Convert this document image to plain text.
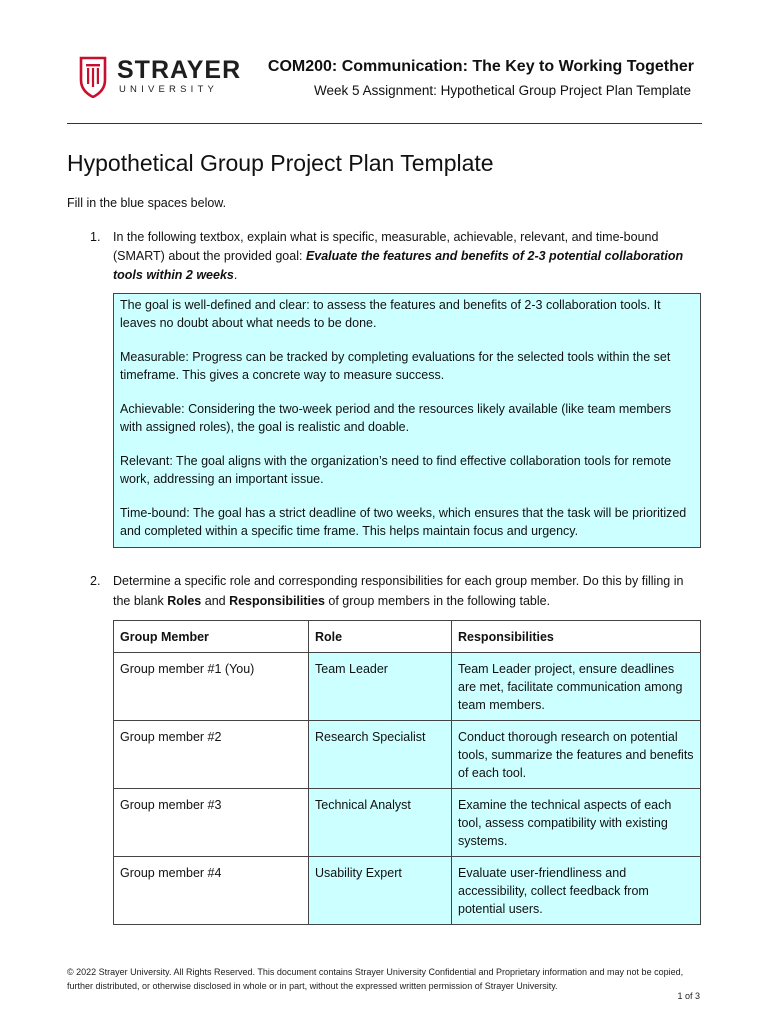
STRAYER
UNIVERSITY
COM200: Communication: The Key to Working Together
Week 5 Assignment: Hypothetical Group Project Plan Template
Hypothetical Group Project Plan Template
Fill in the blue spaces below.
1. In the following textbox, explain what is specific, measurable, achievable, relevant, and time-bound (SMART) about the provided goal: Evaluate the features and benefits of 2-3 potential collaboration tools within 2 weeks.

The goal is well-defined and clear: to assess the features and benefits of 2-3 collaboration tools. It leaves no doubt about what needs to be done.

Measurable: Progress can be tracked by completing evaluations for the selected tools within the set timeframe. This gives a concrete way to measure success.

Achievable: Considering the two-week period and the resources likely available (like team members with assigned roles), the goal is realistic and doable.

Relevant: The goal aligns with the organization’s need to find effective collaboration tools for remote work, addressing an important issue.

Time-bound: The goal has a strict deadline of two weeks, which ensures that the task will be prioritized and completed within a specific time frame. This helps maintain focus and urgency.

2. Determine a specific role and corresponding responsibilities for each group member. Do this by filling in the blank Roles and Responsibilities of group members in the following table.
Group Member	Role	Responsibilities
Group member #1 (You)	Team Leader	Team Leader project, ensure deadlines are met, facilitate communication among team members.
Group member #2	Research Specialist	Conduct thorough research on potential tools, summarize the features and benefits of each tool.
Group member #3	Technical Analyst	Examine the technical aspects of each tool, assess compatibility with existing systems.
Group member #4	Usability Expert	Evaluate user-friendliness and accessibility, collect feedback from potential users.
© 2022 Strayer University. All Rights Reserved. This document contains Strayer University Confidential and Proprietary information and may not be copied, further distributed, or otherwise disclosed in whole or in part, without the expressed written permission of Strayer University.
1 of 3
